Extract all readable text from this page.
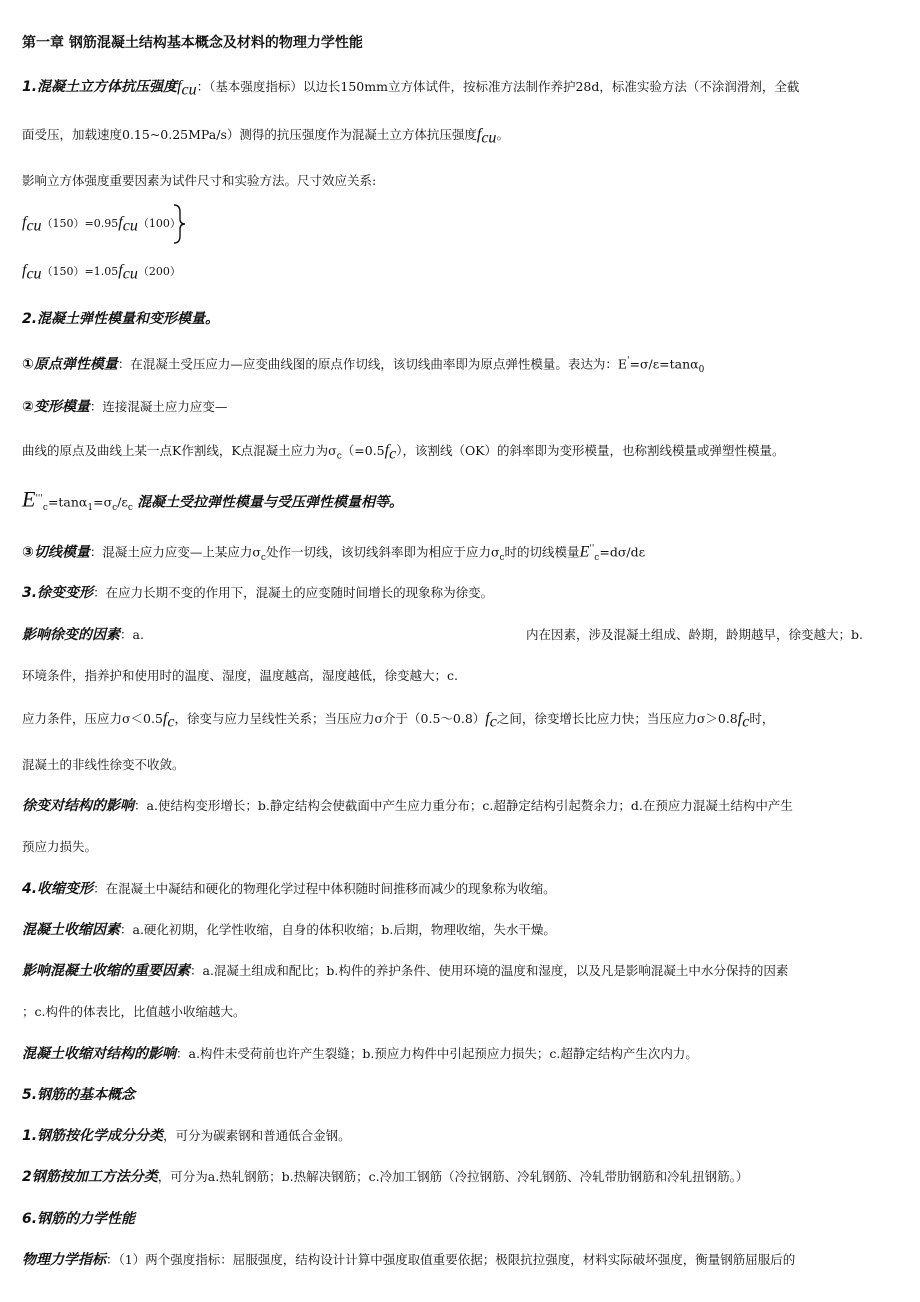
第一章 钢筋混凝土结构基本概念及材料的物理力学性能
1.混凝土立方体抗压强度$f_{cu}$：（基本强度指标）以边长150mm立方体试件，按标准方法制作养护28d，标准实验方法（不涂润滑剂，全截
面受压，加载速度0.15~0.25MPa/s）测得的抗压强度作为混凝土立方体抗压强度$f_{cu}$。
影响立方体强度重要因素为试件尺寸和实验方法。尺寸效应关系:
$f_{cu}(150)=0.95f_{cu}(100)$
$f_{cu}(150)=1.05f_{cu}(200)$
2.混凝土弹性模量和变形模量。
①原点弹性模量：在混凝土受压应力—应变曲线图的原点作切线，该切线曲率即为原点弹性模量。表达为：E'=σ/ε=tanα$_0$
②变形模量：连接混凝土应力应变—
曲线的原点及曲线上某一点K作割线，K点混凝土应力为$\sigma_c(=0.5f_c)$，该割线（OK）的斜率即为变形模量，也称割线模量或弹塑性模量。
$E'''_c=\tan\alpha_1=\sigma_c/\varepsilon_c$ 混凝土受拉弹性模量与受压弹性模量相等。
③切线模量：混凝土应力应变—上某应力$\sigma_c$处作一切线，该切线斜率即为相应于应力$\sigma_c$时的切线模量$E''_c=d\sigma/d\varepsilon$
3.徐变变形：在应力长期不变的作用下，混凝土的应变随时间增长的现象称为徐变。
影响徐变的因素：a.	内在因素，涉及混凝土组成、龄期，龄期越早，徐变越大；b.
环境条件，指养护和使用时的温度、湿度，温度越高，湿度越低，徐变越大；c.
应力条件，压应力$\sigma<0.5f_c$，徐变与应力呈线性关系；当压应力σ介于$(0.5\sim 0.8)f_c$之间，徐变增长比应力快；当压应力$\sigma>0.8f_c$时，
混凝土的非线性徐变不收敛。
徐变对结构的影响：a.使结构变形增长；b.静定结构会使截面中产生应力重分布；c.超静定结构引起赘余力；d.在预应力混凝土结构中产生
预应力损失。
4.收缩变形：在混凝土中凝结和硬化的物理化学过程中体积随时间推移而减少的现象称为收缩。
混凝土收缩因素：a.硬化初期，化学性收缩，自身的体积收缩；b.后期，物理收缩，失水干燥。
影响混凝土收缩的重要因素：a.混凝土组成和配比；b.构件的养护条件、使用环境的温度和湿度，以及凡是影响混凝土中水分保持的因素
；c.构件的体表比，比值越小收缩越大。
混凝土收缩对结构的影响：a.构件未受荷前也许产生裂缝；b.预应力构件中引起预应力损失；c.超静定结构产生次内力。
5.钢筋的基本概念
1.钢筋按化学成分分类，可分为碳素钢和普通低合金钢。
2钢筋按加工方法分类，可分为a.热轧钢筋；b.热解决钢筋；c.冷加工钢筋（冷拉钢筋、冷轧钢筋、冷轧带肋钢筋和冷轧扭钢筋。）
6.钢筋的力学性能
物理力学指标：（1）两个强度指标：屈服强度，结构设计计算中强度取值重要依据；极限抗拉强度，材料实际破坏强度，衡量钢筋屈服后的
